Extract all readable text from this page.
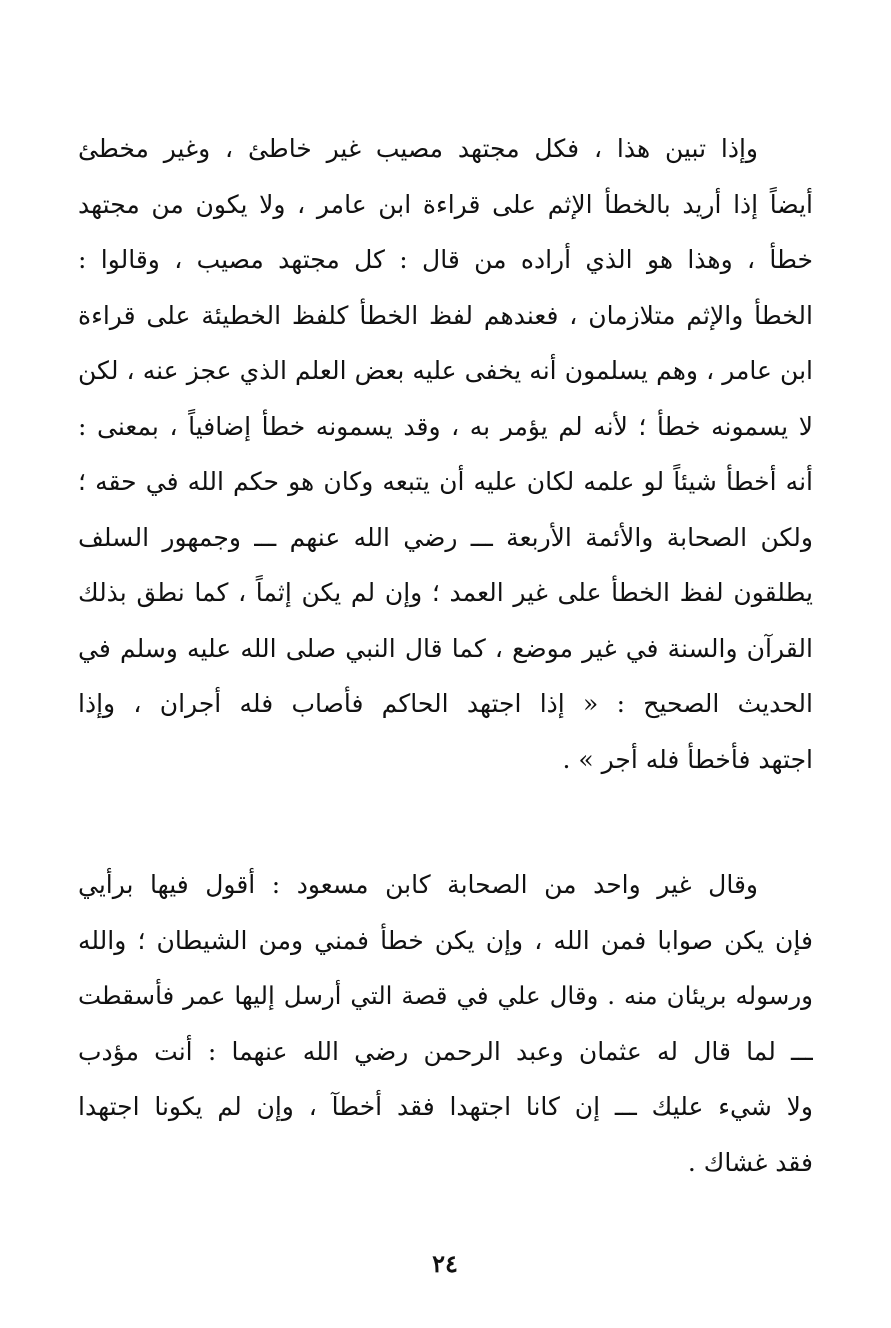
وإذا تبين هذا ، فكل مجتهد مصيب غير خاطئ ، وغير مخطئ
أيضاً إذا أريد بالخطأ الإثم على قراءة ابن عامر ، ولا يكون من مجتهد
خطأ ، وهذا هو الذي أراده من قال : كل مجتهد مصيب ، وقالوا :
الخطأ والإثم متلازمان ، فعندهم لفظ الخطأ كلفظ الخطيئة على قراءة
ابن عامر ، وهم يسلمون أنه يخفى عليه بعض العلم الذي عجز عنه ، لكن
لا يسمونه خطأ ؛ لأنه لم يؤمر به ، وقد يسمونه خطأ إضافياً ، بمعنى :
أنه أخطأ شيئاً لو علمه لكان عليه أن يتبعه وكان هو حكم الله في حقه ؛
ولكن الصحابة والأئمة الأربعة ـــ رضي الله عنهم ـــ وجمهور السلف
يطلقون لفظ الخطأ على غير العمد ؛ وإن لم يكن إثماً ، كما نطق بذلك
القرآن والسنة في غير موضع ، كما قال النبي صلى الله عليه وسلم في
الحديث الصحيح : « إذا اجتهد الحاكم فأصاب فله أجران ، وإذا
اجتهد فأخطأ فله أجر » .
وقال غير واحد من الصحابة كابن مسعود : أقول فيها برأيي
فإن يكن صوابا فمن الله ، وإن يكن خطأ فمني ومن الشيطان ؛ والله
ورسوله بريئان منه . وقال علي في قصة التي أرسل إليها عمر فأسقطت
ـــ لما قال له عثمان وعبد الرحمن رضي الله عنهما : أنت مؤدب
ولا شيء عليك ـــ إن كانا اجتهدا فقد أخطآ ، وإن لم يكونا اجتهدا
فقد غشاك .
٢٤
